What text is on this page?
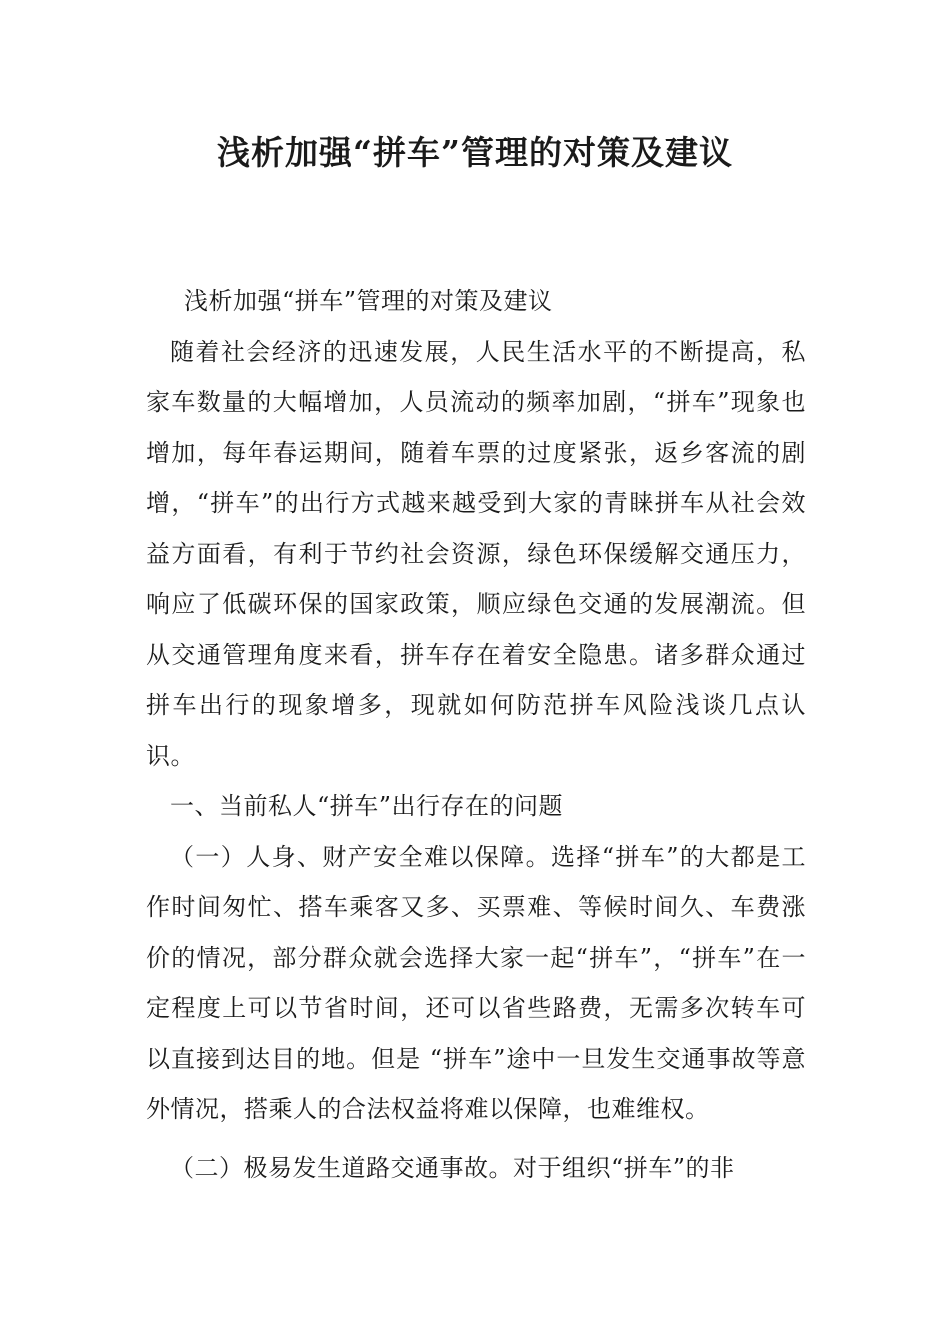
浅析加强“拼车”管理的对策及建议

浅析加强“拼车”管理的对策及建议

随着社会经济的迅速发展，人民生活水平的不断提高，私家车数量的大幅增加，人员流动的频率加剧，“拼车”现象也增加，每年春运期间，随着车票的过度紧张，返乡客流的剧增，“拼车”的出行方式越来越受到大家的青睐拼车从社会效益方面看，有利于节约社会资源，绿色环保缓解交通压力，响应了低碳环保的国家政策，顺应绿色交通的发展潮流。但从交通管理角度来看，拼车存在着安全隐患。诸多群众通过拼车出行的现象增多，现就如何防范拼车风险浅谈几点认识。

一、当前私人“拼车”出行存在的问题

（一）人身、财产安全难以保障。选择“拼车”的大都是工作时间匆忙、搭车乘客又多、买票难、等候时间久、车费涨价的情况，部分群众就会选择大家一起“拼车”，“拼车”在一定程度上可以节省时间，还可以省些路费，无需多次转车可以直接到达目的地。但是 “拼车”途中一旦发生交通事故等意外情况，搭乘人的合法权益将难以保障，也难维权。

（二）极易发生道路交通事故。对于组织“拼车”的非
